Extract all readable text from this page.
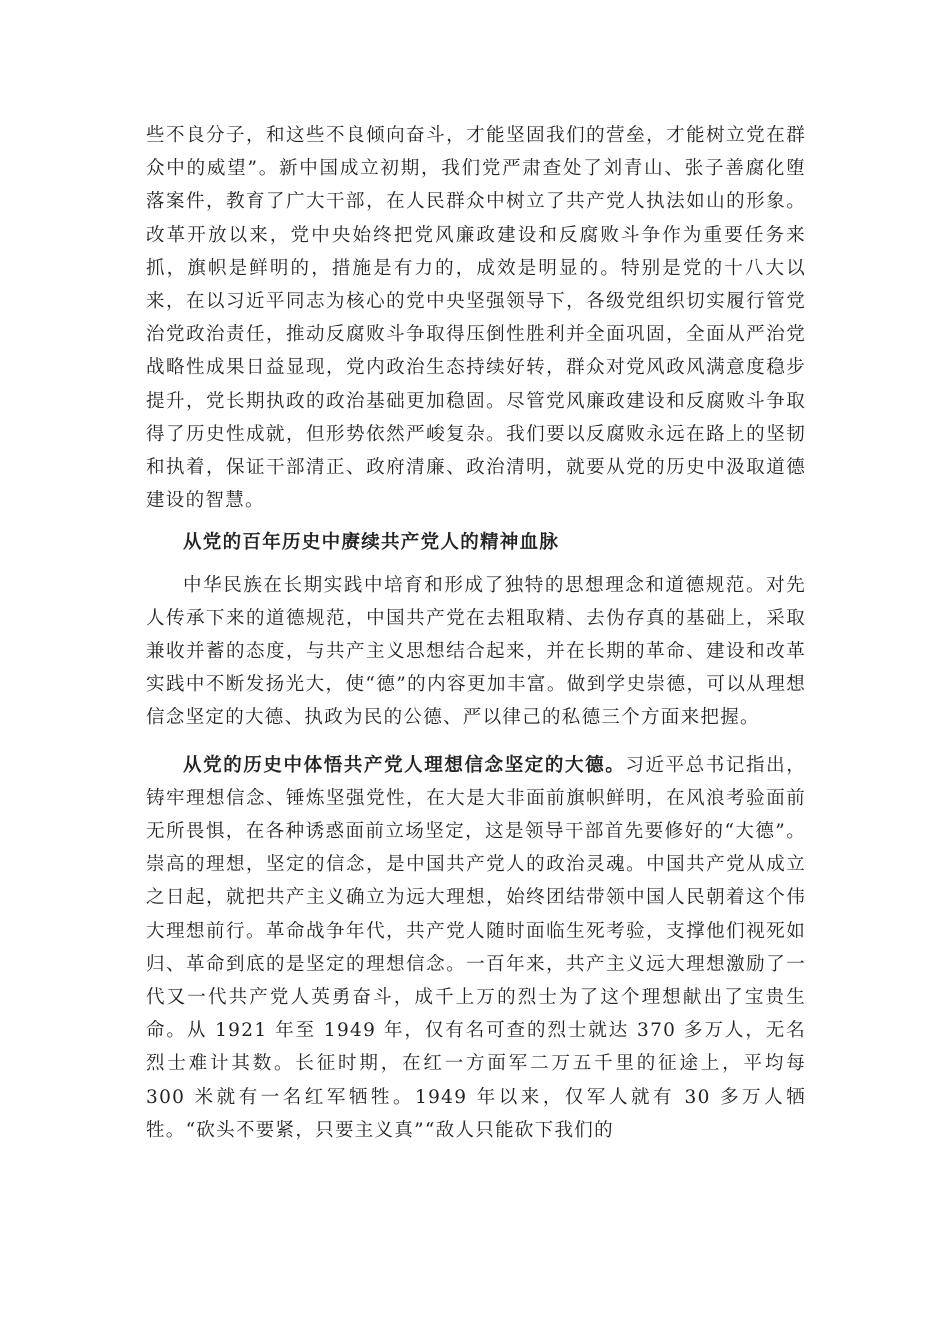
些不良分子，和这些不良倾向奋斗，才能坚固我们的营垒，才能树立党在群众中的威望”。新中国成立初期，我们党严肃查处了刘青山、张子善腐化堕落案件，教育了广大干部，在人民群众中树立了共产党人执法如山的形象。改革开放以来，党中央始终把党风廉政建设和反腐败斗争作为重要任务来抓，旗帜是鲜明的，措施是有力的，成效是明显的。特别是党的十八大以来，在以习近平同志为核心的党中央坚强领导下，各级党组织切实履行管党治党政治责任，推动反腐败斗争取得压倒性胜利并全面巩固，全面从严治党战略性成果日益显现，党内政治生态持续好转，群众对党风政风满意度稳步提升，党长期执政的政治基础更加稳固。尽管党风廉政建设和反腐败斗争取得了历史性成就，但形势依然严峻复杂。我们要以反腐败永远在路上的坚韧和执着，保证干部清正、政府清廉、政治清明，就要从党的历史中汲取道德建设的智慧。

从党的百年历史中赓续共产党人的精神血脉

中华民族在长期实践中培育和形成了独特的思想理念和道德规范。对先人传承下来的道德规范，中国共产党在去粗取精、去伪存真的基础上，采取兼收并蓄的态度，与共产主义思想结合起来，并在长期的革命、建设和改革实践中不断发扬光大，使“德”的内容更加丰富。做到学史崇德，可以从理想信念坚定的大德、执政为民的公德、严以律己的私德三个方面来把握。

从党的历史中体悟共产党人理想信念坚定的大德。习近平总书记指出，铸牢理想信念、锤炼坚强党性，在大是大非面前旗帜鲜明，在风浪考验面前无所畏惧，在各种诱惑面前立场坚定，这是领导干部首先要修好的“大德”。崇高的理想，坚定的信念，是中国共产党人的政治灵魂。中国共产党从成立之日起，就把共产主义确立为远大理想，始终团结带领中国人民朝着这个伟大理想前行。革命战争年代，共产党人随时面临生死考验，支撑他们视死如归、革命到底的是坚定的理想信念。一百年来，共产主义远大理想激励了一代又一代共产党人英勇奋斗，成千上万的烈士为了这个理想献出了宝贵生命。从 1921 年至 1949 年，仅有名可查的烈士就达 370 多万人，无名烈士难计其数。长征时期，在红一方面军二万五千里的征途上，平均每 300 米就有一名红军牺牲。1949 年以来，仅军人就有 30 多万人牺牲。“砍头不要紧，只要主义真”“敌人只能砍下我们的
